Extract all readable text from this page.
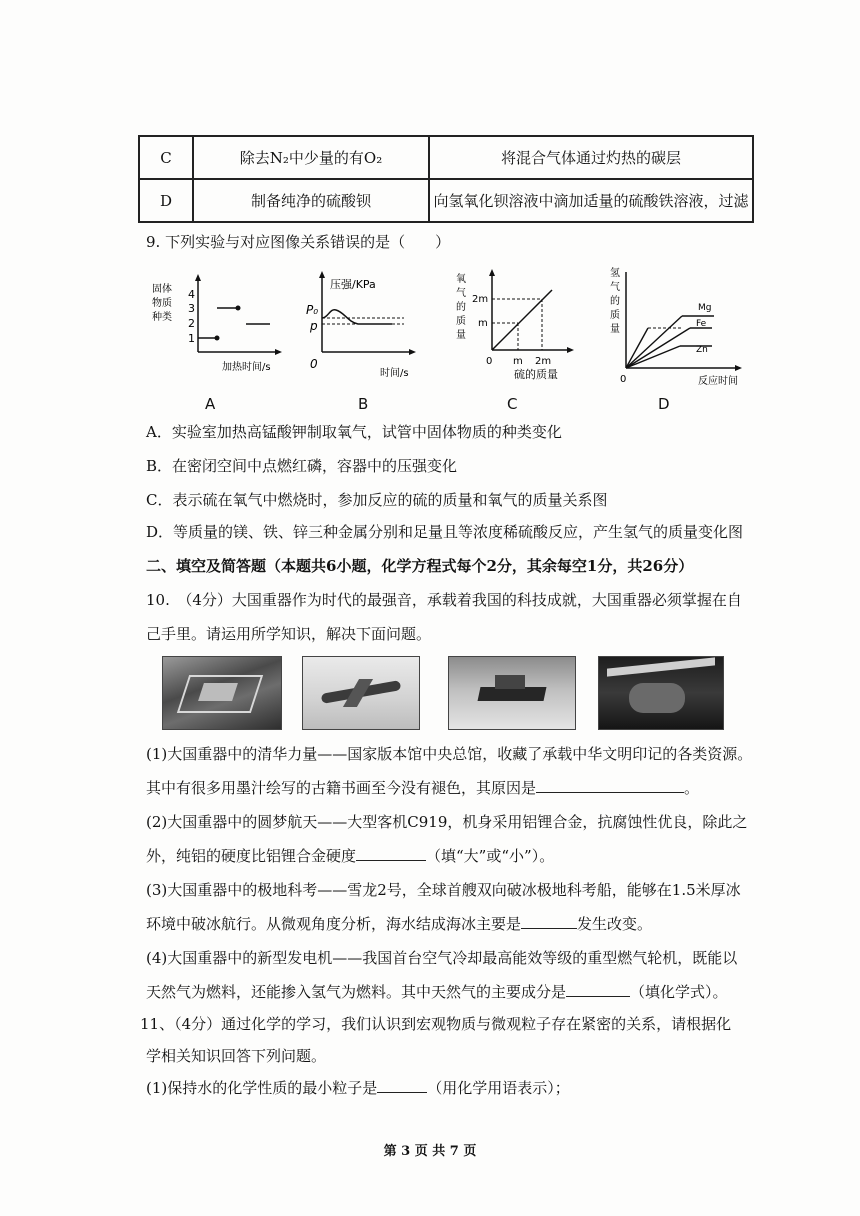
C	除去N₂中少量的有O₂	将混合气体通过灼热的碳层
D	制备纯净的硫酸钡	向氢氧化钡溶液中滴加适量的硫酸铁溶液，过滤
9. 下列实验与对应图像关系错误的是（　　）
固体
物质
种类
4
3
2
1
加热时间/s
A
压强/KPa
P₀
p
0
时间/s
B
氧
气
的
质
量
2m
m
0 m 2m
硫的质量
C
氢
气
的
质
量
Mg
Fe
Zn
0	反应时间
D
A．实验室加热高锰酸钾制取氧气，试管中固体物质的种类变化
B．在密闭空间中点燃红磷，容器中的压强变化
C．表示硫在氧气中燃烧时，参加反应的硫的质量和氧气的质量关系图
D．等质量的镁、铁、锌三种金属分别和足量且等浓度稀硫酸反应，产生氢气的质量变化图
二、填空及简答题（本题共6小题，化学方程式每个2分，其余每空1分，共26分）
10.　（4分）大国重器作为时代的最强音，承载着我国的科技成就，大国重器必须掌握在自
己手里。请运用所学知识，解决下面问题。
(1)大国重器中的清华力量——国家版本馆中央总馆，收藏了承载中华文明印记的各类资源。
其中有很多用墨汁绘写的古籍书画至今没有褪色，其原因是	。
(2)大国重器中的圆梦航天——大型客机C919，机身采用铝锂合金，抗腐蚀性优良，除此之
外，纯铝的硬度比铝锂合金硬度	（填“大”或“小”）。
(3)大国重器中的极地科考——雪龙2号，全球首艘双向破冰极地科考船，能够在1.5米厚冰
环境中破冰航行。从微观角度分析，海水结成海冰主要是	发生改变。
(4)大国重器中的新型发电机——我国首台空气冷却最高能效等级的重型燃气轮机，既能以
天然气为燃料，还能掺入氢气为燃料。其中天然气的主要成分是	（填化学式）。
11、（4分）通过化学的学习，我们认识到宏观物质与微观粒子存在紧密的关系，请根据化
学相关知识回答下列问题。
(1)保持水的化学性质的最小粒子是	（用化学用语表示）；
第 3 页 共 7 页
